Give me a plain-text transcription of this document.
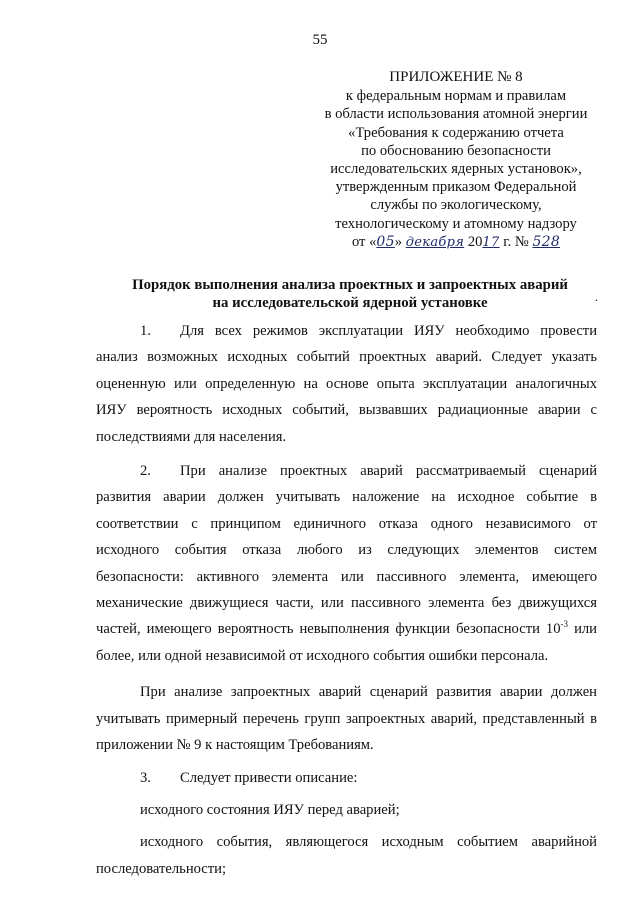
55
ПРИЛОЖЕНИЕ № 8
к федеральным нормам и правилам
в области использования атомной энергии
«Требования к содержанию отчета
по обоснованию безопасности
исследовательских ядерных установок»,
утвержденным приказом Федеральной
службы по экологическому,
технологическому и атомному надзору
от «05» декабря 2017 г. № 528
Порядок выполнения анализа проектных и запроектных аварий
на исследовательской ядерной установке	.

1. Для всех режимов эксплуатации ИЯУ необходимо провести анализ возможных исходных событий проектных аварий. Следует указать оцененную или определенную на основе опыта эксплуатации аналогичных ИЯУ вероятность исходных событий, вызвавших радиационные аварии с последствиями для населения.

2. При анализе проектных аварий рассматриваемый сценарий развития аварии должен учитывать наложение на исходное событие в соответствии с принципом единичного отказа одного независимого от исходного события отказа любого из следующих элементов систем безопасности: активного элемента или пассивного элемента, имеющего механические движущиеся части, или пассивного элемента без движущихся частей, имеющего вероятность невыполнения функции безопасности $10^{-3}$ или более, или одной независимой от исходного события ошибки персонала.

При анализе запроектных аварий сценарий развития аварии должен учитывать примерный перечень групп запроектных аварий, представленный в приложении № 9 к настоящим Требованиям.

3. Следует привести описание:

исходного состояния ИЯУ перед аварией;

исходного события, являющегося исходным событием аварийной последовательности;
